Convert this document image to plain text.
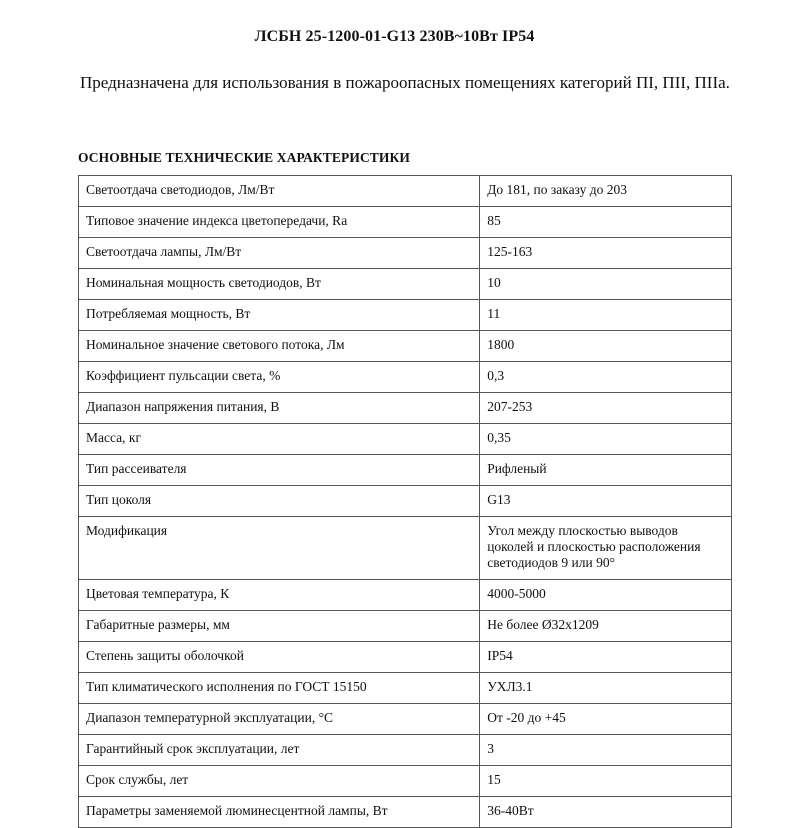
ЛСБН 25-1200-01-G13 230В~10Вт IP54
Предназначена для использования в пожароопасных помещениях категорий ПI, ПII, ПIIа.
ОСНОВНЫЕ ТЕХНИЧЕСКИЕ ХАРАКТЕРИСТИКИ
Светоотдача светодиодов, Лм/Вт	До 181, по заказу до 203
Типовое значение индекса цветопередачи, Ra	85
Светоотдача лампы, Лм/Вт	125-163
Номинальная мощность светодиодов, Вт	10
Потребляемая мощность, Вт	11
Номинальное значение светового потока, Лм	1800
Коэффициент пульсации света, %	0,3
Диапазон напряжения питания, В	207-253
Масса, кг	0,35
Тип рассеивателя	Рифленый
Тип цоколя	G13
Модификация	Угол между плоскостью выводов цоколей и плоскостью расположения светодиодов 9 или 90°
Цветовая температура, К	4000-5000
Габаритные размеры, мм	Не более Ø32х1209
Степень защиты оболочкой	IP54
Тип климатического исполнения по ГОСТ 15150	УХЛ3.1
Диапазон температурной эксплуатации, °С	От -20 до +45
Гарантийный срок эксплуатации, лет	3
Срок службы, лет	15
Параметры заменяемой люминесцентной лампы, Вт	36-40Вт
